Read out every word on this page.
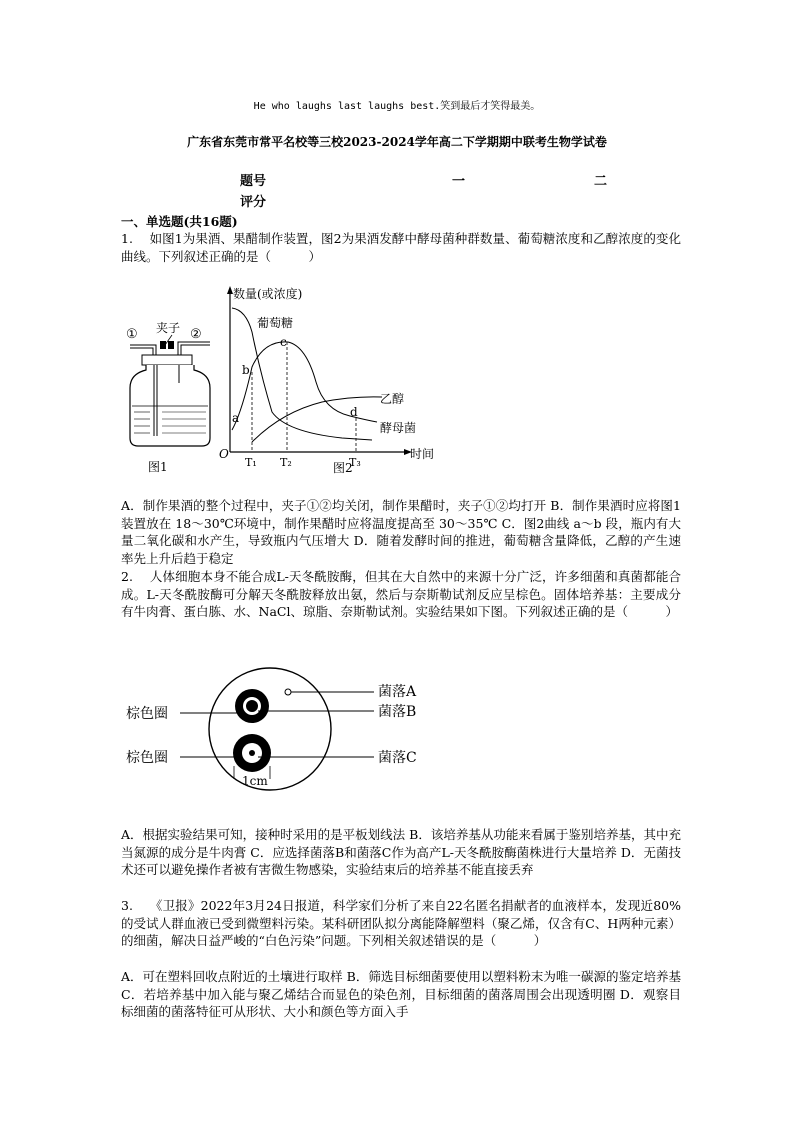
He who laughs last laughs best.笑到最后才笑得最美。
广东省东莞市常平名校等三校2023-2024学年高二下学期期中联考生物学试卷
题号	一	二
评分
一、单选题(共16题)

1.　 如图1为果酒、果醋制作装置，图2为果酒发酵中酵母菌种群数量、葡萄糖浓度和乙醇浓度的变化曲线。下列叙述正确的是（　　　）

① 夹子 ②
图1
数量(或浓度)
时间
O
葡萄糖
乙醇
酵母菌
a
b
c
d
T₁ T₂	T₃
图2

A．制作果酒的整个过程中，夹子①②均关闭，制作果醋时，夹子①②均打开 B．制作果酒时应将图1装置放在 18～30℃环境中，制作果醋时应将温度提高至 30～35℃ C．图2曲线 a～b 段，瓶内有大量二氧化碳和水产生，导致瓶内气压增大 D．随着发酵时间的推进，葡萄糖含量降低，乙醇的产生速率先上升后趋于稳定

2.　 人体细胞本身不能合成L-天冬酰胺酶，但其在大自然中的来源十分广泛，许多细菌和真菌都能合成。L-天冬酰胺酶可分解天冬酰胺释放出氨，然后与奈斯勒试剂反应呈棕色。固体培养基：主要成分有牛肉膏、蛋白胨、水、NaCl、琼脂、奈斯勒试剂。实验结果如下图。下列叙述正确的是（　　　）

棕色圈
棕色圈
菌落A
菌落B
菌落C
1cm

A．根据实验结果可知，接种时采用的是平板划线法 B．该培养基从功能来看属于鉴别培养基，其中充当氮源的成分是牛肉膏 C．应选择菌落B和菌落C作为高产L-天冬酰胺酶菌株进行大量培养 D．无菌技术还可以避免操作者被有害微生物感染，实验结束后的培养基不能直接丢弃

3.　 《卫报》2022年3月24日报道，科学家们分析了来自22名匿名捐献者的血液样本，发现近80%的受试人群血液已受到微塑料污染。某科研团队拟分离能降解塑料（聚乙烯，仅含有C、H两种元素）的细菌，解决日益严峻的“白色污染”问题。下列相关叙述错误的是（　　　）

A．可在塑料回收点附近的土壤进行取样 B．筛选目标细菌要使用以塑料粉末为唯一碳源的鉴定培养基 C．若培养基中加入能与聚乙烯结合而显色的染色剂，目标细菌的菌落周围会出现透明圈 D．观察目标细菌的菌落特征可从形状、大小和颜色等方面入手
